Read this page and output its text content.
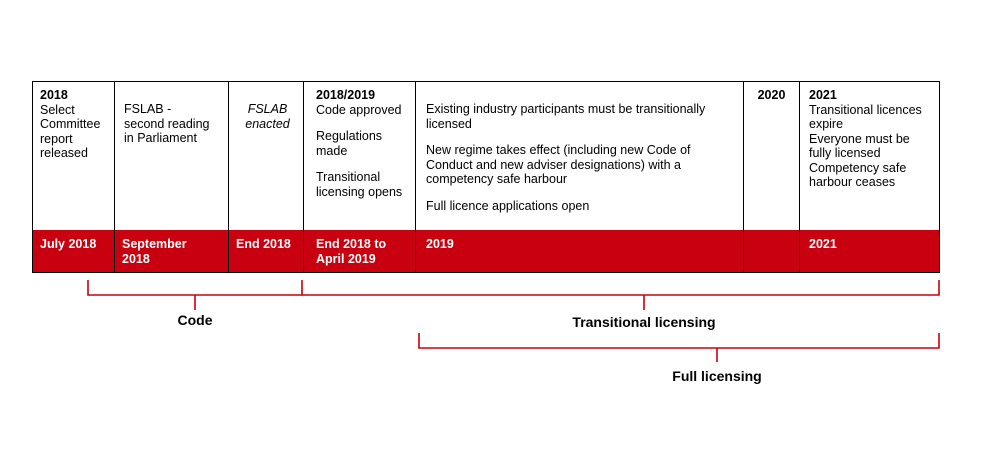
2018
Select
Committee
report
released
July 2018
FSLAB -
second reading
in Parliament
September 2018
FSLAB
enacted
End 2018
2018/2019
Code approved
Regulations made
Transitional licensing opens
End 2018 to April 2019
Existing industry participants must be transitionally licensed
New regime takes effect (including new Code of Conduct and new adviser designations) with a competency safe harbour
Full licence applications open
2019
2020	2021
Transitional licences
expire
Everyone must be
fully licensed
Competency safe
harbour ceases
2021
Code	Transitional licensing
Full licensing
